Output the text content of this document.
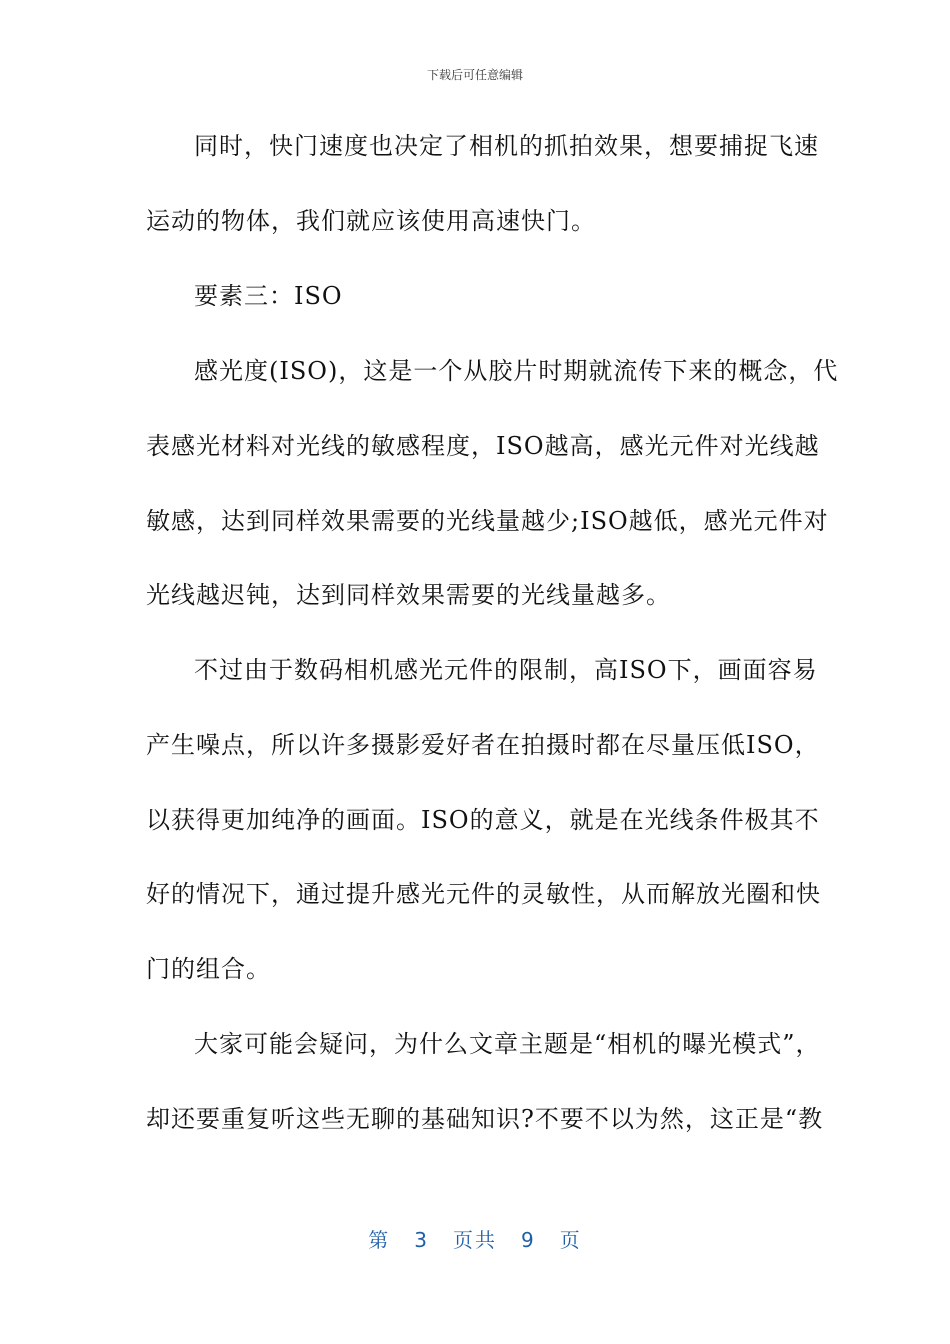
下载后可任意编辑
同时，快门速度也决定了相机的抓拍效果，想要捕捉飞速
运动的物体，我们就应该使用高速快门。
要素三：ISO
感光度(ISO)，这是一个从胶片时期就流传下来的概念，代
表感光材料对光线的敏感程度，ISO越高，感光元件对光线越
敏感，达到同样效果需要的光线量越少;ISO越低，感光元件对
光线越迟钝，达到同样效果需要的光线量越多。
不过由于数码相机感光元件的限制，高ISO下，画面容易
产生噪点，所以许多摄影爱好者在拍摄时都在尽量压低ISO，
以获得更加纯净的画面。ISO的意义，就是在光线条件极其不
好的情况下，通过提升感光元件的灵敏性，从而解放光圈和快
门的组合。
大家可能会疑问，为什么文章主题是“相机的曝光模式”，
却还要重复听这些无聊的基础知识?不要不以为然，这正是“教
第 3 页共 9 页
